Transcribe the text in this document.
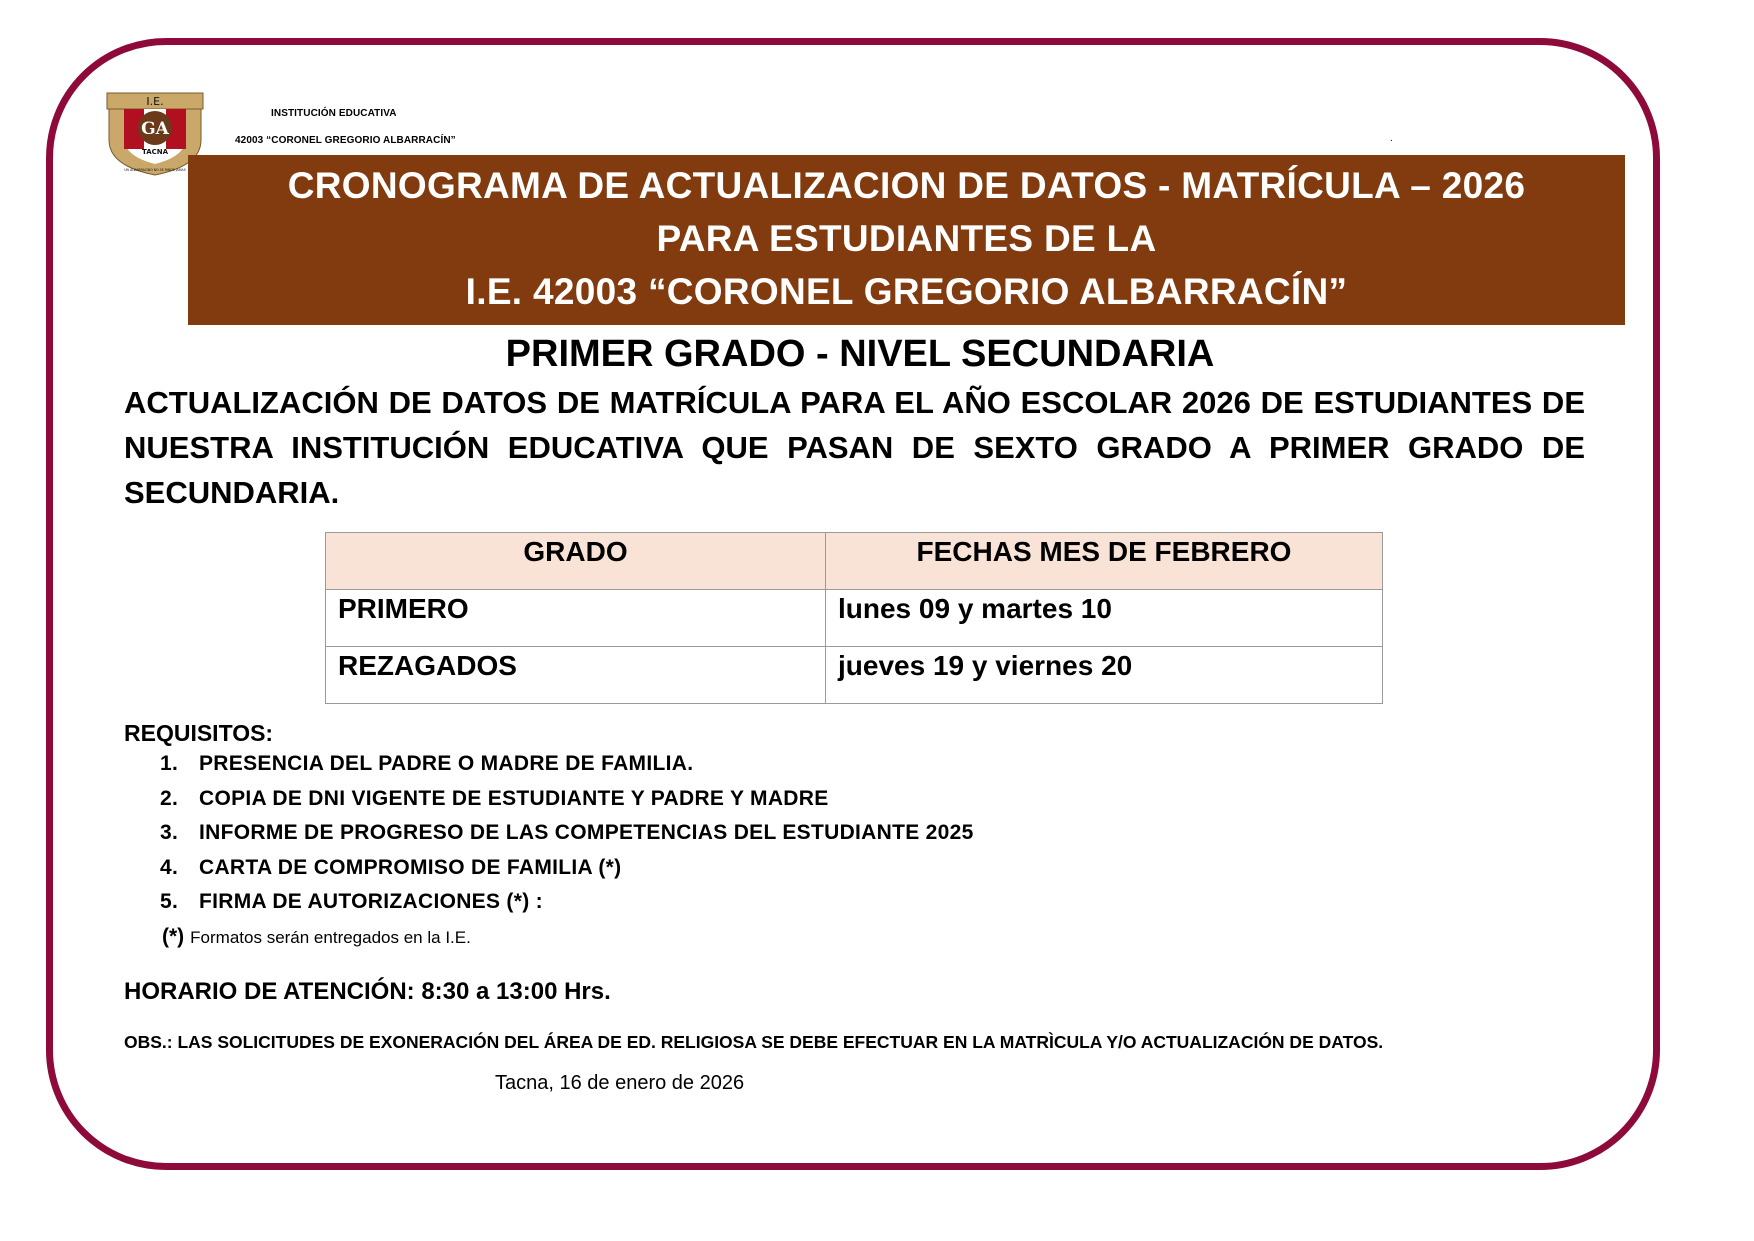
I.E.
GA
TACNA
UN ALBARRACINO NO SE RINDE JAMAS
INSTITUCIÓN EDUCATIVA
42003 “CORONEL GREGORIO ALBARRACÍN”	.
CRONOGRAMA DE ACTUALIZACION DE DATOS - MATRÍCULA – 2026
PARA ESTUDIANTES DE LA
I.E. 42003 “CORONEL GREGORIO ALBARRACÍN”
PRIMER GRADO - NIVEL SECUNDARIA
ACTUALIZACIÓN DE DATOS DE MATRÍCULA PARA EL AÑO ESCOLAR 2026 DE ESTUDIANTES DE NUESTRA INSTITUCIÓN EDUCATIVA QUE PASAN DE SEXTO GRADO A PRIMER GRADO DE SECUNDARIA.
GRADO	FECHAS MES DE FEBRERO
PRIMERO	lunes 09 y martes 10
REZAGADOS	jueves 19 y viernes 20
REQUISITOS:
1. PRESENCIA DEL PADRE O MADRE DE FAMILIA.
2. COPIA DE DNI VIGENTE DE ESTUDIANTE Y PADRE Y MADRE
3. INFORME DE PROGRESO DE LAS COMPETENCIAS DEL ESTUDIANTE 2025
4. CARTA DE COMPROMISO DE FAMILIA (*)
5. FIRMA DE AUTORIZACIONES (*) :
(*) Formatos serán entregados en la I.E.
HORARIO DE ATENCIÓN: 8:30 a 13:00 Hrs.
OBS.: LAS SOLICITUDES DE EXONERACIÓN DEL ÁREA DE ED. RELIGIOSA SE DEBE EFECTUAR EN LA MATRÌCULA Y/O ACTUALIZACIÓN DE DATOS.
Tacna, 16 de enero de 2026
